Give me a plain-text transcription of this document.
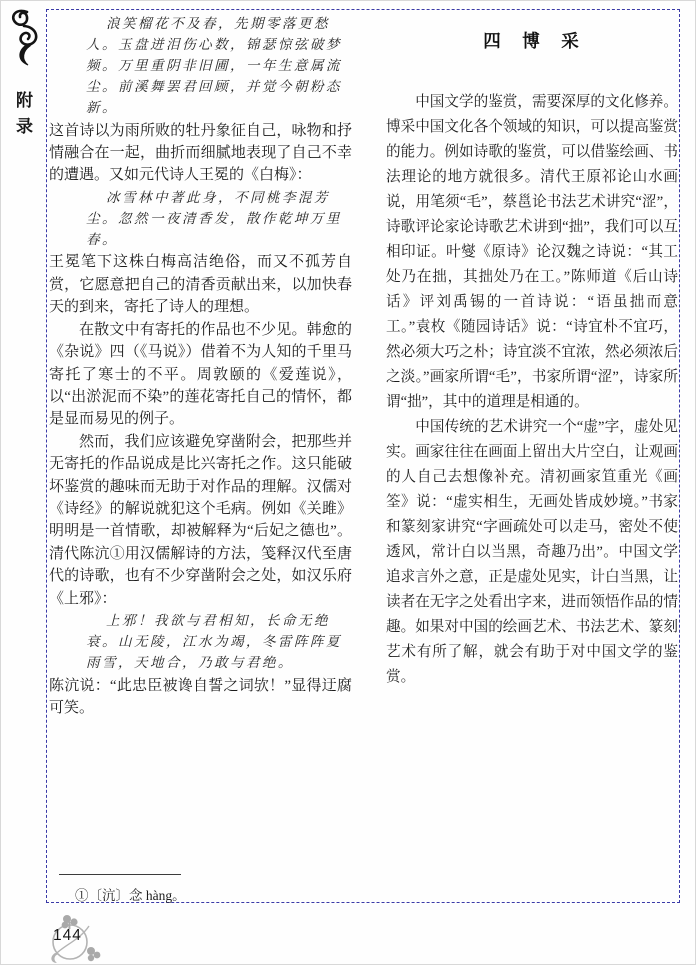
附录
浪笑榴花不及春，先期零落更愁人。玉盘迸泪伤心数，锦瑟惊弦破梦频。万里重阴非旧圃，一年生意属流尘。前溪舞罢君回顾，并觉今朝粉态新。

这首诗以为雨所败的牡丹象征自己，咏物和抒情融合在一起，曲折而细腻地表现了自己不幸的遭遇。又如元代诗人王冕的《白梅》：

冰雪林中著此身，不同桃李混芳尘。忽然一夜清香发，散作乾坤万里春。

王冕笔下这株白梅高洁绝俗，而又不孤芳自赏，它愿意把自己的清香贡献出来，以加快春天的到来，寄托了诗人的理想。

在散文中有寄托的作品也不少见。韩愈的《杂说》四（《马说》）借着不为人知的千里马寄托了寒士的不平。周敦颐的《爱莲说》，以“出淤泥而不染”的莲花寄托自己的情怀，都是显而易见的例子。

然而，我们应该避免穿凿附会，把那些并无寄托的作品说成是比兴寄托之作。这只能破坏鉴赏的趣味而无助于对作品的理解。汉儒对《诗经》的解说就犯这个毛病。例如《关雎》明明是一首情歌，却被解释为“后妃之德也”。清代陈沆①用汉儒解诗的方法，笺释汉代至唐代的诗歌，也有不少穿凿附会之处，如汉乐府《上邪》：

上邪！我欲与君相知，长命无绝衰。山无陵，江水为竭，冬雷阵阵夏雨雪，天地合，乃敢与君绝。

陈沆说：“此忠臣被谗自誓之词欤！”显得迂腐可笑。

四　博　采

中国文学的鉴赏，需要深厚的文化修养。博采中国文化各个领域的知识，可以提高鉴赏的能力。例如诗歌的鉴赏，可以借鉴绘画、书法理论的地方就很多。清代王原祁论山水画说，用笔须“毛”，蔡邕论书法艺术讲究“涩”，诗歌评论家论诗歌艺术讲到“拙”，我们可以互相印证。叶燮《原诗》论汉魏之诗说：“其工处乃在拙，其拙处乃在工。”陈师道《后山诗话》评刘禹锡的一首诗说：“语虽拙而意工。”袁枚《随园诗话》说：“诗宜朴不宜巧，然必须大巧之朴；诗宜淡不宜浓，然必须浓后之淡。”画家所谓“毛”，书家所谓“涩”，诗家所谓“拙”，其中的道理是相通的。

中国传统的艺术讲究一个“虚”字，虚处见实。画家往往在画面上留出大片空白，让观画的人自己去想像补充。清初画家笪重光《画筌》说：“虚实相生，无画处皆成妙境。”书家和篆刻家讲究“字画疏处可以走马，密处不使透风，常计白以当黑，奇趣乃出”。中国文学追求言外之意，正是虚处见实，计白当黑，让读者在无字之处看出字来，进而领悟作品的情趣。如果对中国的绘画艺术、书法艺术、篆刻艺术有所了解，就会有助于对中国文学的鉴赏。

①〔沆〕念 hàng。
144
